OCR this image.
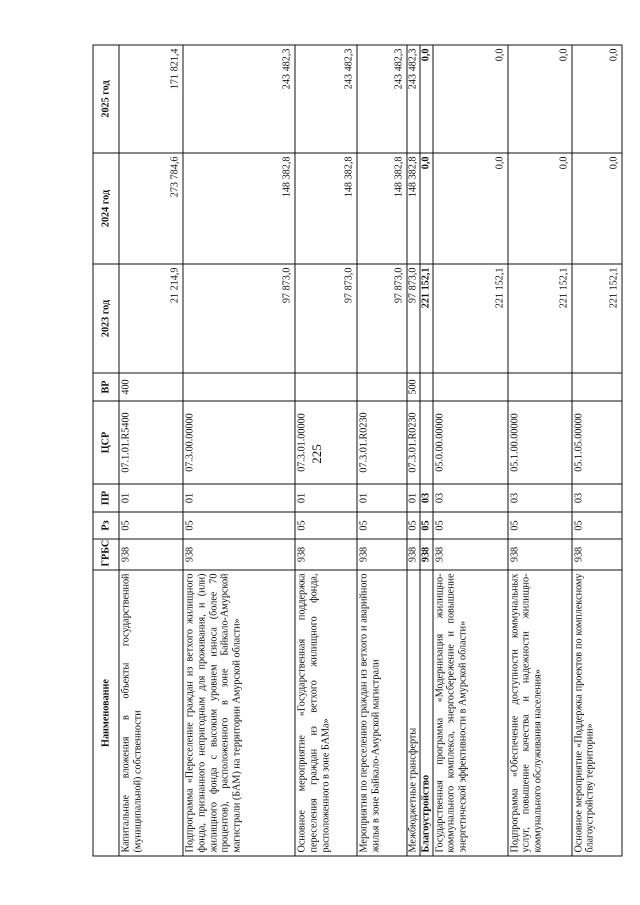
225
Наименование	ГРБС	Рз	ПР	ЦСР	ВР	2023 год	2024 год	2025 год
Капитальные вложения в объекты государственной (муниципальной) собственности	938	05	01	07.1.01.R5400	400	21 214,9	273 784,6	171 821,4
Подпрограмма «Переселение граждан из ветхого жилищного фонда, признанного непригодным для проживания, и (или) жилищного фонда с высоким уровнем износа (более 70 процентов), расположенного в зоне Байкало-Амурской магистрали (БАМ) на территории Амурской области»	938	05	01	07.3.00.00000		97 873,0	148 382,8	243 482,3
Основное мероприятие «Государственная поддержка переселения граждан из ветхого жилищного фонда, расположенного в зоне БАМа»	938	05	01	07.3.01.00000		97 873,0	148 382,8	243 482,3
Мероприятия по переселению граждан из ветхого и аварийного жилья в зоне Байкало-Амурской магистрали	938	05	01	07.3.01.R0230		97 873,0	148 382,8	243 482,3
Межбюджетные трансферты	938	05	01	07.3.01.R0230	500	97 873,0	148 382,8	243 482,3
Благоустройство	938	05	03			221 152,1	0,0	0,0
Государственная программа «Модернизация жилищно-коммунального комплекса, энергосбережение и повышение энергетической эффективности в Амурской области»	938	05	03	05.0.00.00000		221 152,1	0,0	0,0
Подпрограмма «Обеспечение доступности коммунальных услуг, повышение качества и надежности жилищно-коммунального обслуживания населения»	938	05	03	05.1.00.00000		221 152,1	0,0	0,0
Основное мероприятие «Поддержка проектов по комплексному благоустройству территории»	938	05	03	05.1.05.00000		221 152,1	0,0	0,0
